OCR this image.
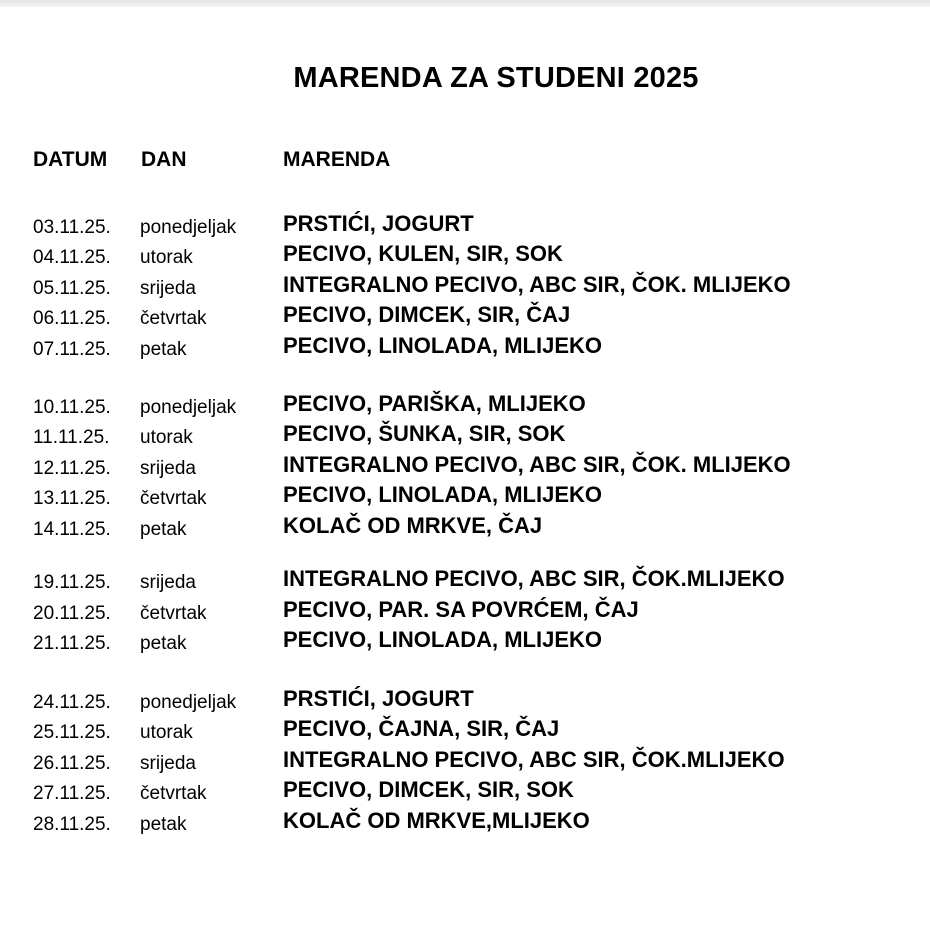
MARENDA ZA STUDENI 2025
DATUM DAN	MARENDA
03.11.25. ponedjeljak PRSTIĆI, JOGURT
04.11.25. utorak	PECIVO, KULEN, SIR, SOK
05.11.25. srijeda	INTEGRALNO PECIVO, ABC SIR, ČOK. MLIJEKO
06.11.25. četvrtak	PECIVO, DIMCEK, SIR, ČAJ
07.11.25. petak	PECIVO, LINOLADA, MLIJEKO
10.11.25. ponedjeljak PECIVO, PARIŠKA, MLIJEKO
11.11.25. utorak	PECIVO, ŠUNKA, SIR, SOK
12.11.25. srijeda	INTEGRALNO PECIVO, ABC SIR, ČOK. MLIJEKO
13.11.25. četvrtak	PECIVO, LINOLADA, MLIJEKO
14.11.25. petak	KOLAČ OD MRKVE, ČAJ
19.11.25. srijeda	INTEGRALNO PECIVO, ABC SIR, ČOK.MLIJEKO
20.11.25. četvrtak	PECIVO, PAR. SA POVRĆEM, ČAJ
21.11.25. petak	PECIVO, LINOLADA, MLIJEKO
24.11.25. ponedjeljak PRSTIĆI, JOGURT
25.11.25. utorak	PECIVO, ČAJNA, SIR, ČAJ
26.11.25. srijeda	INTEGRALNO PECIVO, ABC SIR, ČOK.MLIJEKO
27.11.25. četvrtak	PECIVO, DIMCEK, SIR, SOK
28.11.25. petak	KOLAČ OD MRKVE,MLIJEKO
